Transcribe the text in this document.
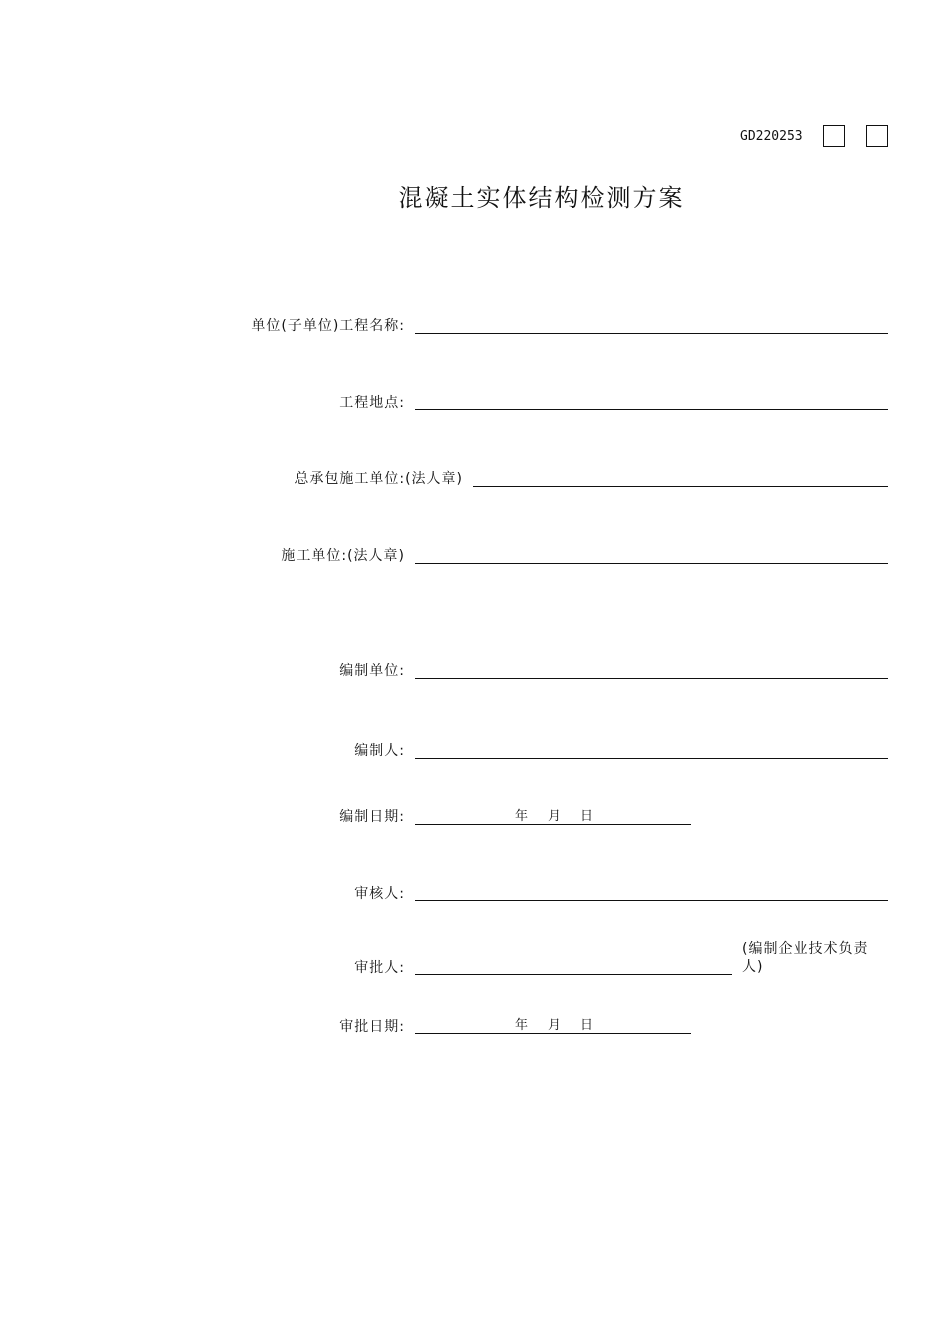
GD220253
混凝土实体结构检测方案
单位(子单位)工程名称:
工程地点:
总承包施工单位:(法人章)
施工单位:(法人章)
编制单位:
编制人:
编制日期:	年 月 日
审核人:
审批人:
(编制企业技术负责人)
审批日期:	年 月 日
